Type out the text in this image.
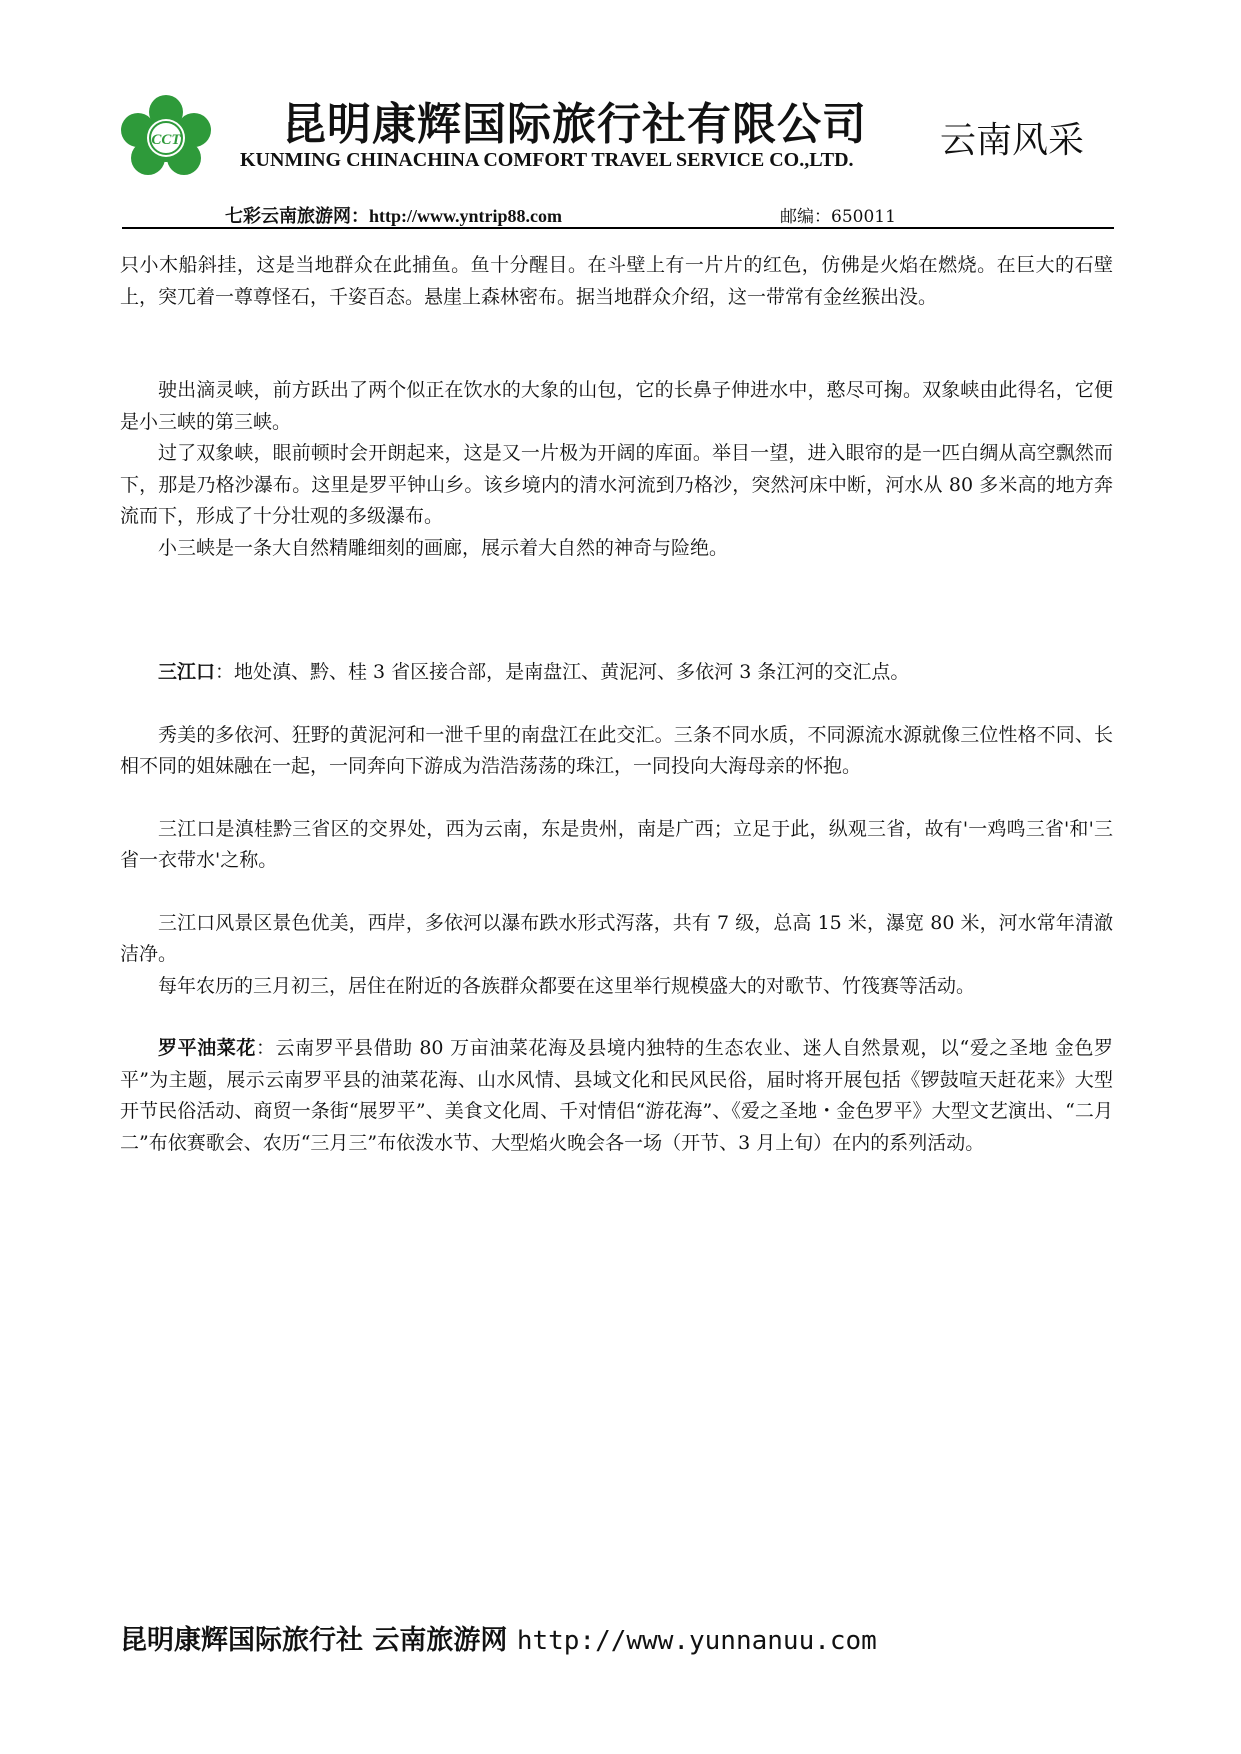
CCT 昆明康辉国际旅行社有限公司
KUNMING CHINACHINA COMFORT TRAVEL SERVICE CO.,LTD. 云南风采
七彩云南旅游网：http://www.yntrip88.com	邮编：650011

只小木船斜挂，这是当地群众在此捕鱼。鱼十分醒目。在斗壁上有一片片的红色，仿佛是火焰在燃烧。在巨大的石壁上，突兀着一尊尊怪石，千姿百态。悬崖上森林密布。据当地群众介绍，这一带常有金丝猴出没。

驶出滴灵峡，前方跃出了两个似正在饮水的大象的山包，它的长鼻子伸进水中，憨尽可掬。双象峡由此得名，它便是小三峡的第三峡。

过了双象峡，眼前顿时会开朗起来，这是又一片极为开阔的库面。举目一望，进入眼帘的是一匹白绸从高空飘然而下，那是乃格沙瀑布。这里是罗平钟山乡。该乡境内的清水河流到乃格沙，突然河床中断，河水从 80 多米高的地方奔流而下，形成了十分壮观的多级瀑布。

小三峡是一条大自然精雕细刻的画廊，展示着大自然的神奇与险绝。

三江口：地处滇、黔、桂 3 省区接合部，是南盘江、黄泥河、多依河 3 条江河的交汇点。

秀美的多依河、狂野的黄泥河和一泄千里的南盘江在此交汇。三条不同水质，不同源流水源就像三位性格不同、长相不同的姐妹融在一起，一同奔向下游成为浩浩荡荡的珠江，一同投向大海母亲的怀抱。

三江口是滇桂黔三省区的交界处，西为云南，东是贵州，南是广西；立足于此，纵观三省，故有'一鸡鸣三省'和'三省一衣带水'之称。

三江口风景区景色优美，西岸，多依河以瀑布跌水形式泻落，共有 7 级，总高 15 米，瀑宽 80 米，河水常年清澈洁净。

每年农历的三月初三，居住在附近的各族群众都要在这里举行规模盛大的对歌节、竹筏赛等活动。

罗平油菜花：云南罗平县借助 80 万亩油菜花海及县境内独特的生态农业、迷人自然景观，以“爱之圣地 金色罗平”为主题，展示云南罗平县的油菜花海、山水风情、县域文化和民风民俗，届时将开展包括《锣鼓喧天赶花来》大型开节民俗活动、商贸一条街“展罗平”、美食文化周、千对情侣“游花海”、《爱之圣地・金色罗平》大型文艺演出、“二月二”布依赛歌会、农历“三月三”布依泼水节、大型焰火晚会各一场（开节、3 月上旬）在内的系列活动。

昆明康辉国际旅行社 云南旅游网 http://www.yunnanuu.com
